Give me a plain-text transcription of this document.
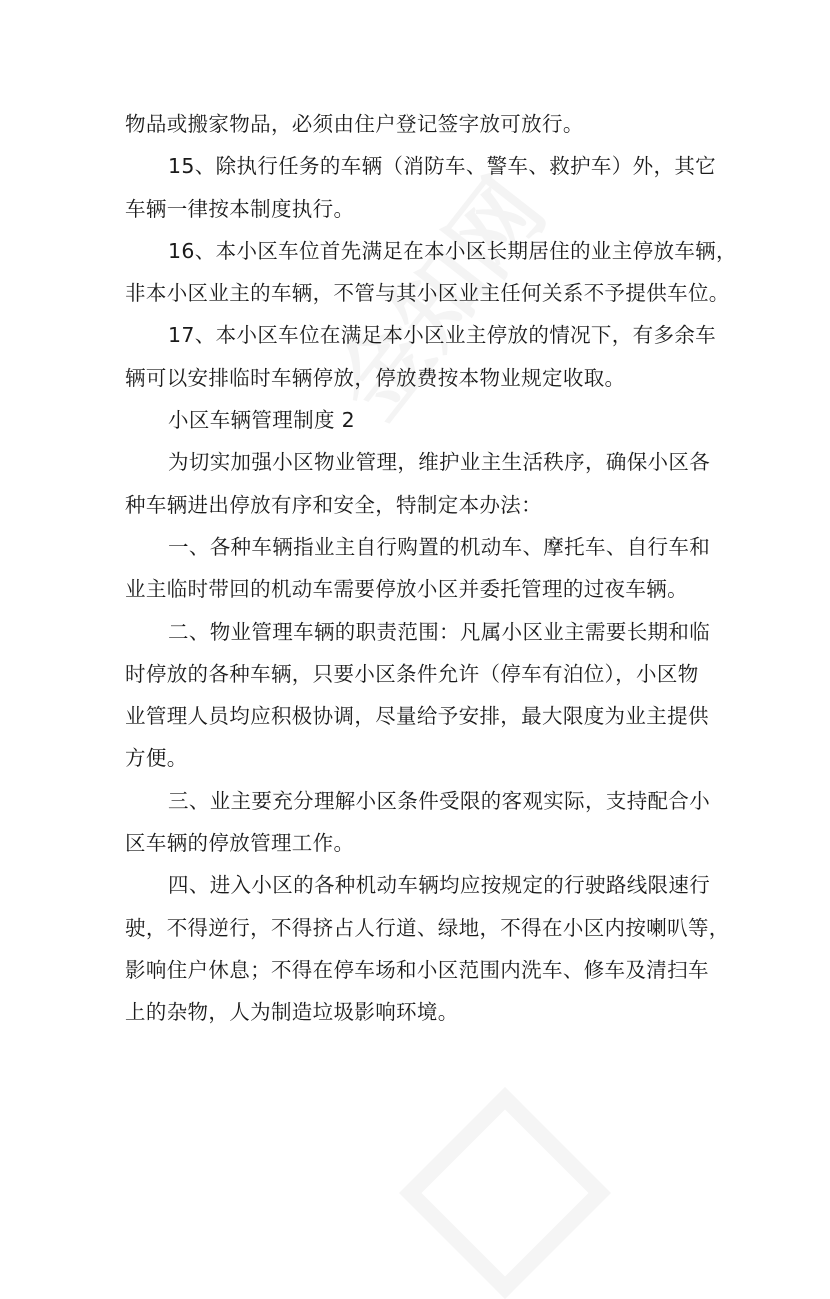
物品或搬家物品，必须由住户登记签字放可放行。
15、除执行任务的车辆（消防车、警车、救护车）外，其它
车辆一律按本制度执行。
16、本小区车位首先满足在本小区长期居住的业主停放车辆，
非本小区业主的车辆，不管与其小区业主任何关系不予提供车位。
17、本小区车位在满足本小区业主停放的情况下，有多余车
辆可以安排临时车辆停放，停放费按本物业规定收取。
小区车辆管理制度 2
为切实加强小区物业管理，维护业主生活秩序，确保小区各
种车辆进出停放有序和安全，特制定本办法：
一、各种车辆指业主自行购置的机动车、摩托车、自行车和
业主临时带回的机动车需要停放小区并委托管理的过夜车辆。
二、物业管理车辆的职责范围：凡属小区业主需要长期和临
时停放的各种车辆，只要小区条件允许（停车有泊位），小区物
业管理人员均应积极协调，尽量给予安排，最大限度为业主提供
方便。
三、业主要充分理解小区条件受限的客观实际，支持配合小
区车辆的停放管理工作。
四、进入小区的各种机动车辆均应按规定的行驶路线限速行
驶，不得逆行，不得挤占人行道、绿地，不得在小区内按喇叭等，
影响住户休息；不得在停车场和小区范围内洗车、修车及清扫车
上的杂物，人为制造垃圾影响环境。
